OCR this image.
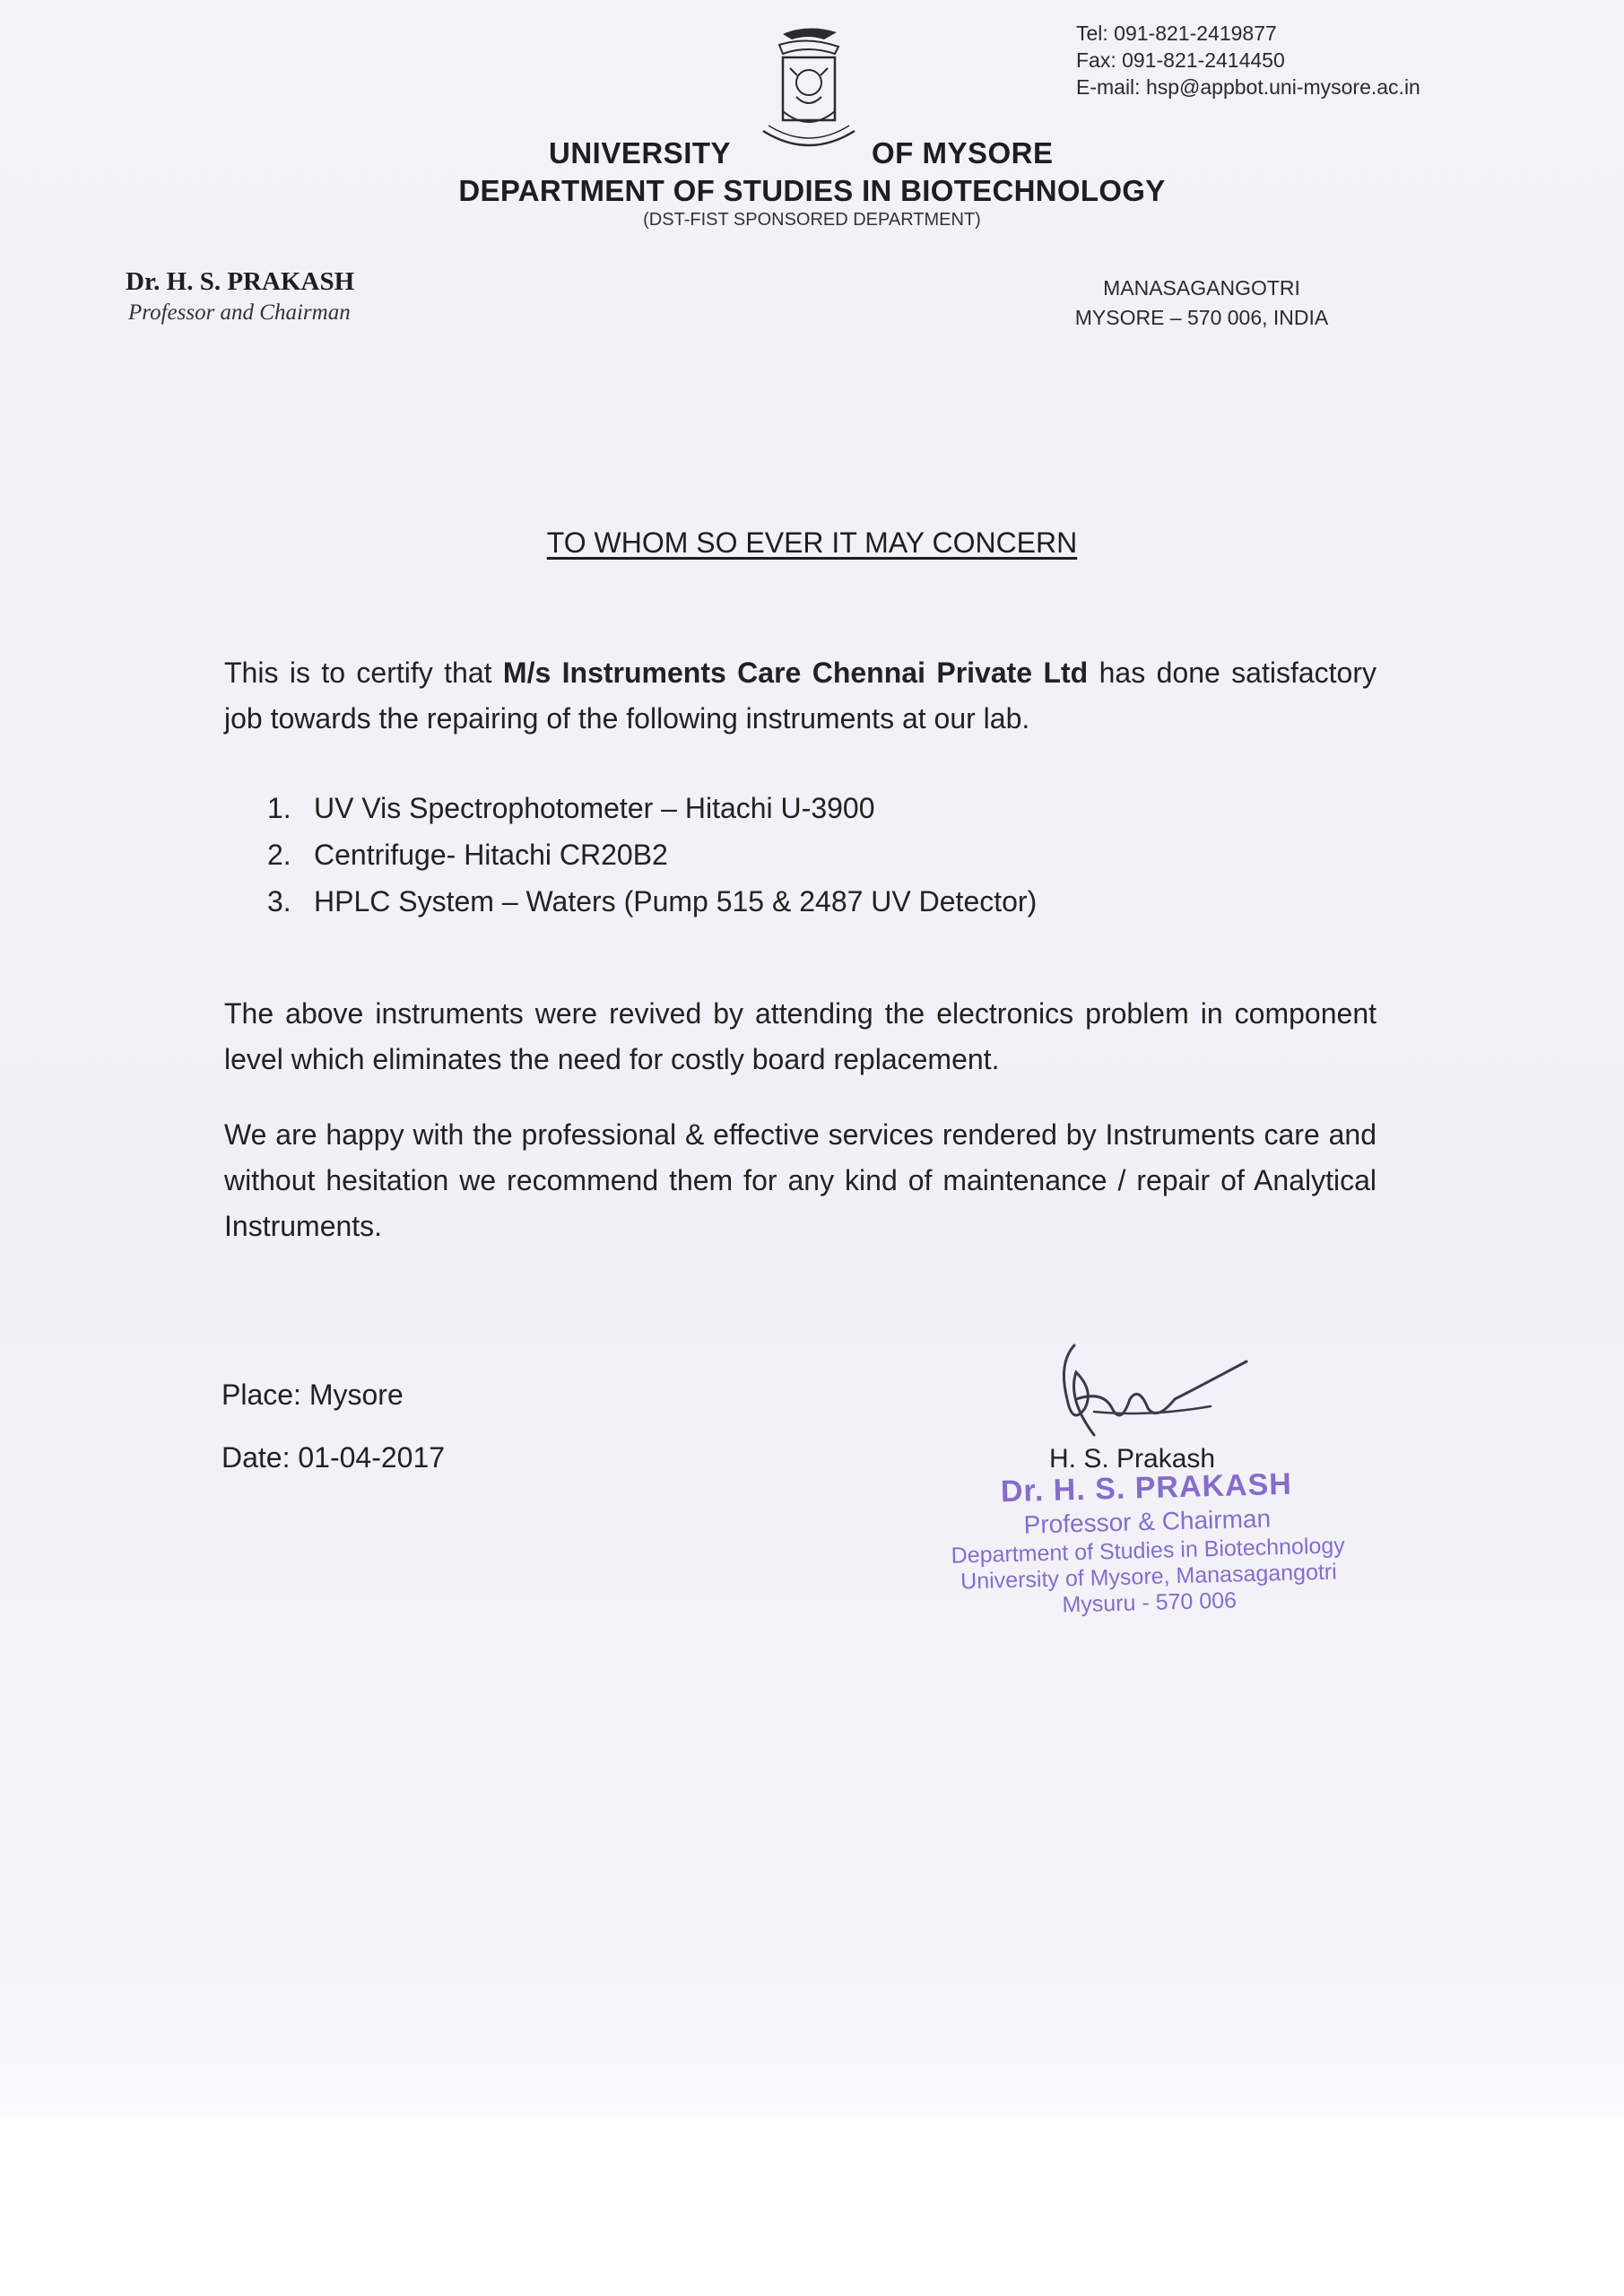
Tel: 091-821-2419877
Fax: 091-821-2414450
E-mail: hsp@appbot.uni-mysore.ac.in
UNIVERSITY	OF MYSORE
DEPARTMENT OF STUDIES IN BIOTECHNOLOGY
(DST-FIST SPONSORED DEPARTMENT)
Dr. H. S. PRAKASH
Professor and Chairman
MANASAGANGOTRI
MYSORE – 570 006, INDIA
TO WHOM SO EVER IT MAY CONCERN
This is to certify that M/s Instruments Care Chennai Private Ltd has done satisfactory job towards the repairing of the following instruments at our lab.
1. UV Vis Spectrophotometer – Hitachi U-3900
2. Centrifuge- Hitachi CR20B2
3. HPLC System – Waters (Pump 515 & 2487 UV Detector)
The above instruments were revived by attending the electronics problem in component level which eliminates the need for costly board replacement.
We are happy with the professional & effective services rendered by Instruments care and without hesitation we recommend them for any kind of maintenance / repair of Analytical Instruments.
Place: Mysore
Date: 01-04-2017	H. S. Prakash
Dr. H. S. PRAKASH
Professor & Chairman
Department of Studies in Biotechnology
University of Mysore, Manasagangotri
Mysuru - 570 006
